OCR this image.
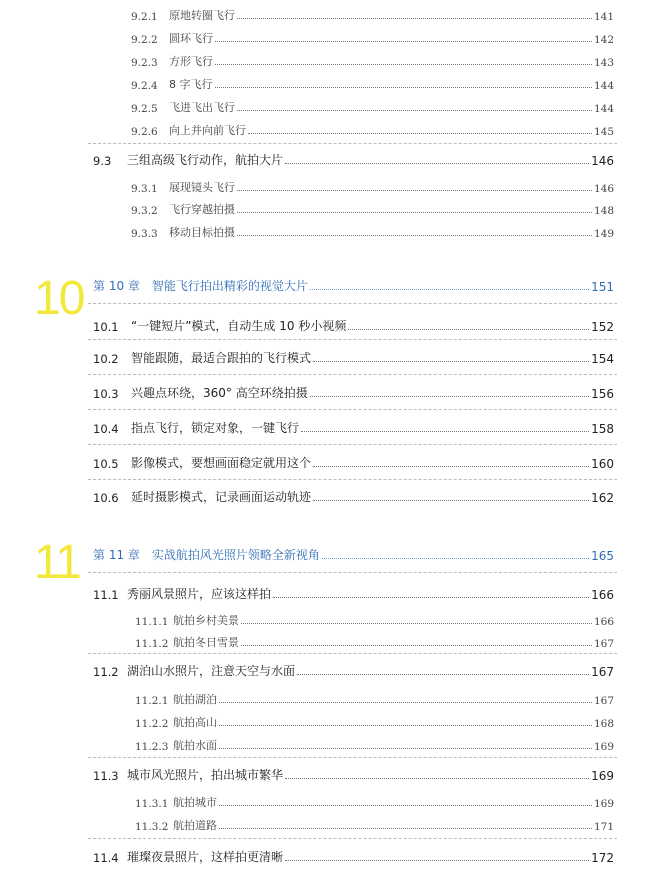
9.2.1	原地转圈飞行	141
9.2.2	圆环飞行	142
9.2.3	方形飞行	143
9.2.4	8 字飞行	144
9.2.5	飞进飞出飞行	144
9.2.6	向上并向前飞行	145
9.3	三组高级飞行动作，航拍大片	146
9.3.1	展现镜头飞行	146
9.3.2	飞行穿越拍摄	148
9.3.3	移动目标拍摄	149
10 第 10 章 智能飞行拍出精彩的视觉大片	151
10.1	“一键短片”模式，自动生成 10 秒小视频	152
10.2	智能跟随，最适合跟拍的飞行模式	154
10.3	兴趣点环绕，360° 高空环绕拍摄	156
10.4	指点飞行，锁定对象，一键飞行	158
10.5	影像模式，要想画面稳定就用这个	160
10.6	延时摄影模式，记录画面运动轨迹	162
11 第 11 章 实战航拍风光照片领略全新视角	165
11.1 秀丽风景照片，应该这样拍	166
11.1.1 航拍乡村美景	166
11.1.2 航拍冬日雪景	167
11.2 湖泊山水照片，注意天空与水面	167
11.2.1 航拍湖泊	167
11.2.2 航拍高山	168
11.2.3 航拍水面	169
11.3 城市风光照片，拍出城市繁华	169
11.3.1 航拍城市	169
11.3.2 航拍道路	171
11.4 璀璨夜景照片，这样拍更清晰	172
